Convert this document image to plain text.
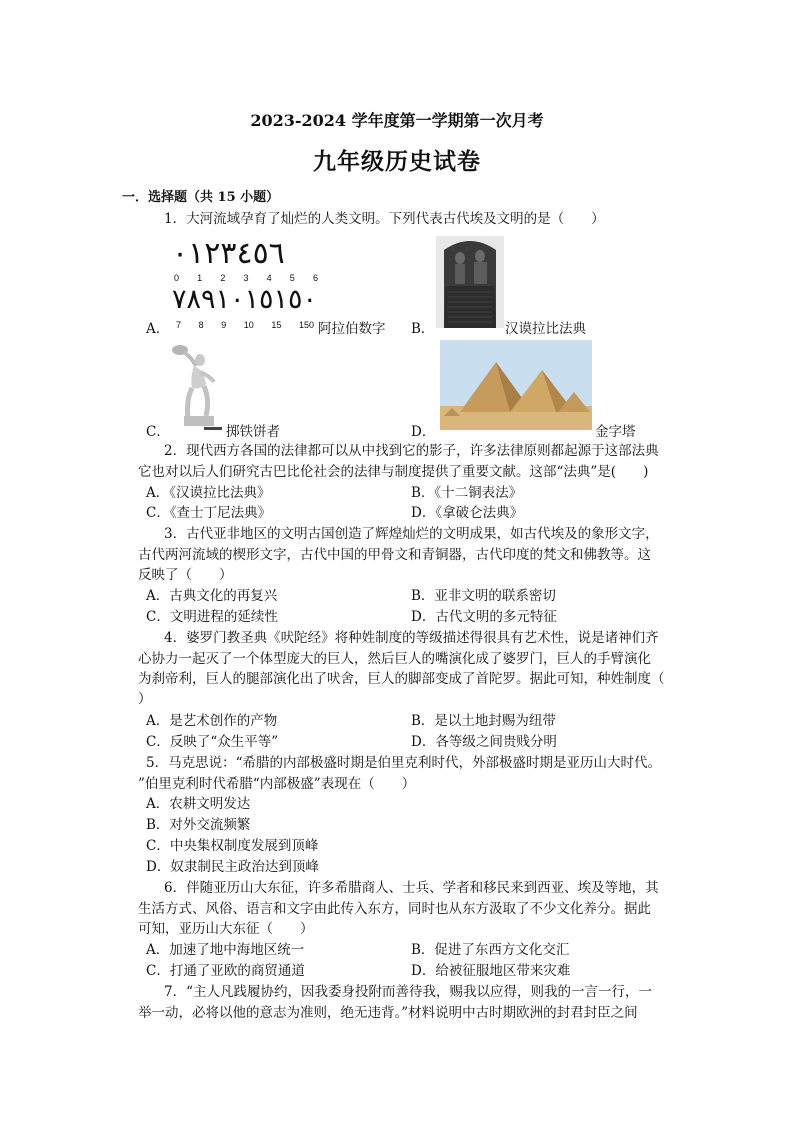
2023-2024 学年度第一学期第一次月考
九年级历史试卷
一．选择题（共 15 小题）
1．大河流域孕育了灿烂的人类文明。下列代表古代埃及文明的是（　　）
٠١٢٣٤٥٦
0 1 2 3 4 5 6
٧٨٩١٠١٥١٥٠
7 8 9 10 15 150
A．	阿拉伯数字 B．	汉谟拉比法典
C．	掷铁饼者	D．	金字塔
2．现代西方各国的法律都可以从中找到它的影子，许多法律原则都起源于这部法典
它也对以后人们研究古巴比伦社会的法律与制度提供了重要文献。这部“法典”是(　　)
A．《汉谟拉比法典》	B．《十二铜表法》
C．《查士丁尼法典》	D．《拿破仑法典》
3．古代亚非地区的文明古国创造了辉煌灿烂的文明成果，如古代埃及的象形文字，
古代两河流域的楔形文字，古代中国的甲骨文和青铜器，古代印度的梵文和佛教等。这
反映了（　　）
A．古典文化的再复兴	B．亚非文明的联系密切
C．文明进程的延续性	D．古代文明的多元特征
4．婆罗门教圣典《吠陀经》将种姓制度的等级描述得很具有艺术性，说是诸神们齐
心协力一起灭了一个体型庞大的巨人，然后巨人的嘴演化成了婆罗门，巨人的手臂演化
为刹帝利，巨人的腿部演化出了吠舍，巨人的脚部变成了首陀罗。据此可知，种姓制度（
）
A．是艺术创作的产物	B．是以土地封赐为纽带
C．反映了“众生平等”	D．各等级之间贵贱分明
5．马克思说：“希腊的内部极盛时期是伯里克利时代，外部极盛时期是亚历山大时代。
”伯里克利时代希腊“内部极盛”表现在（　　）
A．农耕文明发达
B．对外交流频繁
C．中央集权制度发展到顶峰
D．奴隶制民主政治达到顶峰
6．伴随亚历山大东征，许多希腊商人、士兵、学者和移民来到西亚、埃及等地，其
生活方式、风俗、语言和文字由此传入东方，同时也从东方汲取了不少文化养分。据此
可知，亚历山大东征（　　）
A．加速了地中海地区统一	B．促进了东西方文化交汇
C．打通了亚欧的商贸通道	D．给被征服地区带来灾难
7．“主人凡践履协约，因我委身投附而善待我，赐我以应得，则我的一言一行，一
举一动，必将以他的意志为准则，绝无违背。”材料说明中古时期欧洲的封君封臣之间
